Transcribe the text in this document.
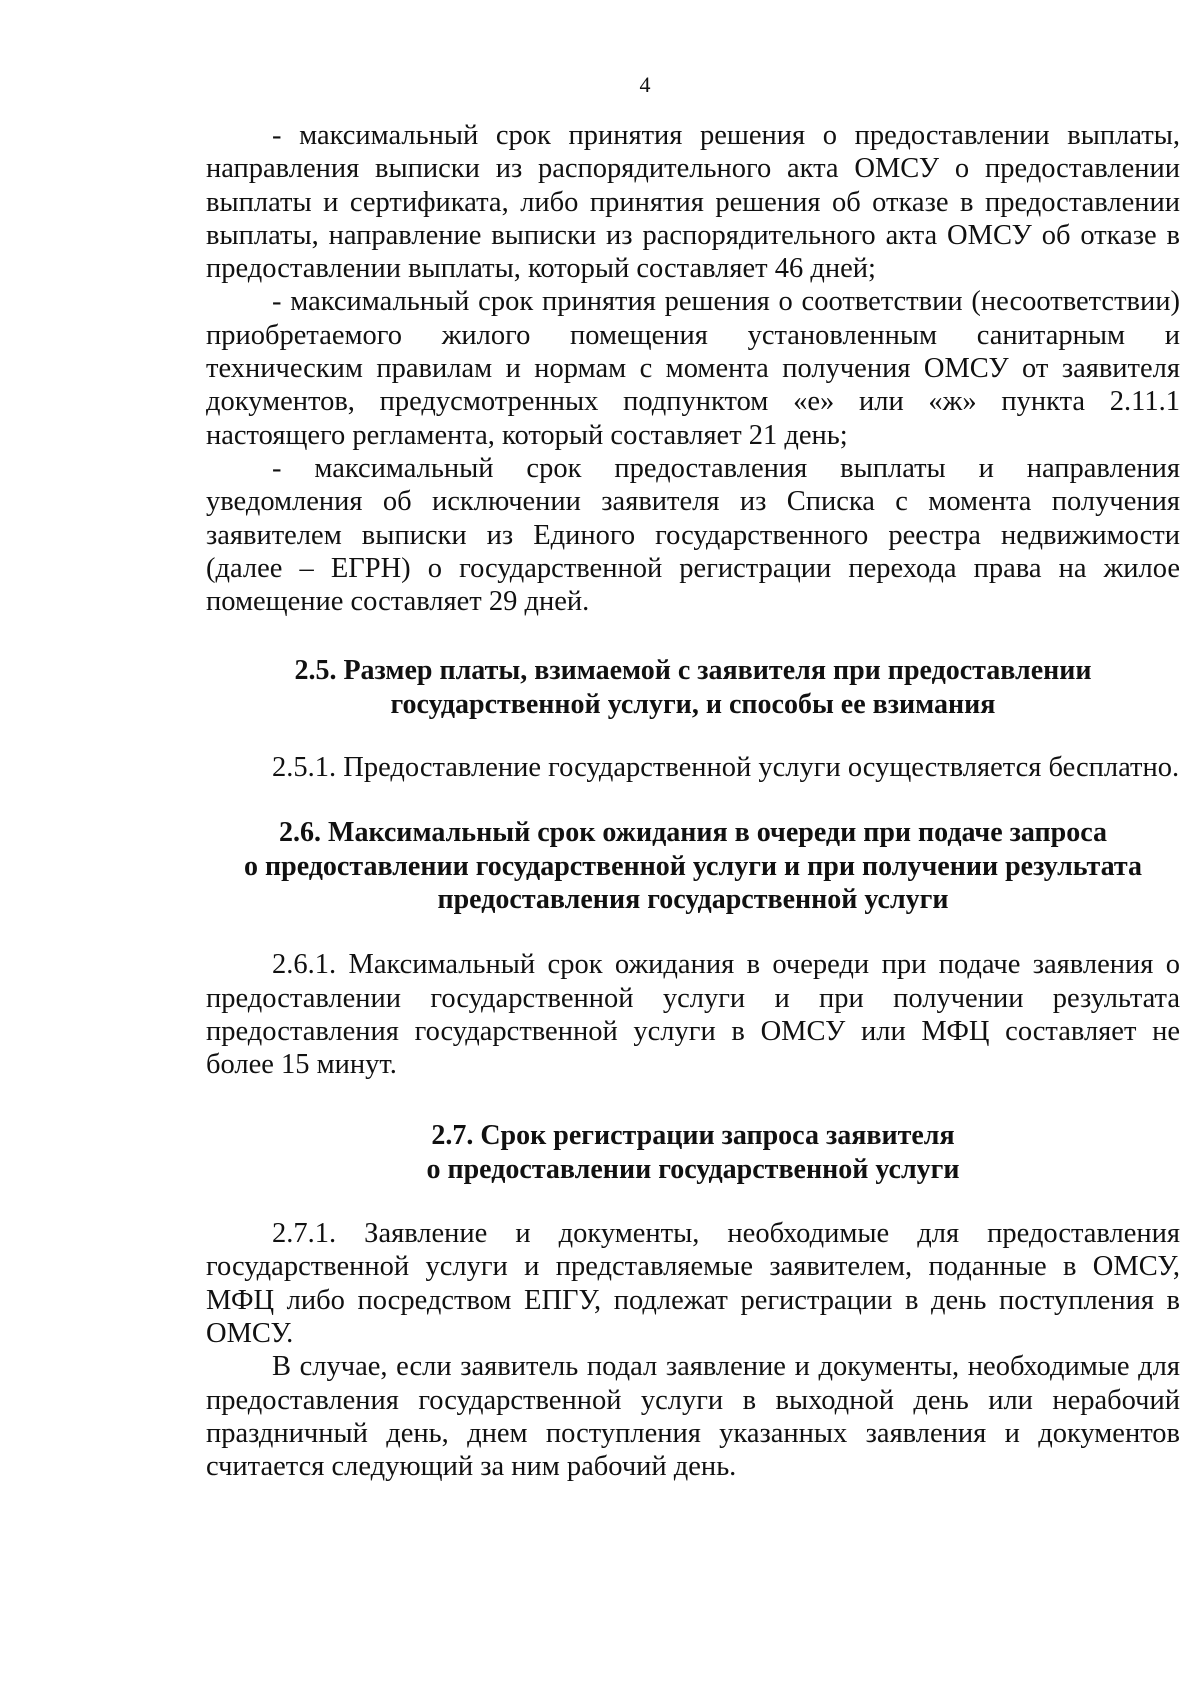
4

- максимальный срок принятия решения о предоставлении выплаты, направления выписки из распорядительного акта ОМСУ о предоставлении выплаты и сертификата, либо принятия решения об отказе в предоставлении выплаты, направление выписки из распорядительного акта ОМСУ об отказе в предоставлении выплаты, который составляет 46 дней;

- максимальный срок принятия решения о соответствии (несоответствии) приобретаемого жилого помещения установленным санитарным и техническим правилам и нормам с момента получения ОМСУ от заявителя документов, предусмотренных подпунктом «е» или «ж» пункта 2.11.1 настоящего регламента, который составляет 21 день;

- максимальный срок предоставления выплаты и направления уведомления об исключении заявителя из Списка с момента получения заявителем выписки из Единого государственного реестра недвижимости (далее – ЕГРН) о государственной регистрации перехода права на жилое помещение составляет 29 дней.

2.5. Размер платы, взимаемой с заявителя при предоставлении
государственной услуги, и способы ее взимания

2.5.1. Предоставление государственной услуги осуществляется бесплатно.

2.6. Максимальный срок ожидания в очереди при подаче запроса
о предоставлении государственной услуги и при получении результата
предоставления государственной услуги

2.6.1. Максимальный срок ожидания в очереди при подаче заявления о предоставлении государственной услуги и при получении результата предоставления государственной услуги в ОМСУ или МФЦ составляет не более 15 минут.

2.7. Срок регистрации запроса заявителя
о предоставлении государственной услуги

2.7.1. Заявление и документы, необходимые для предоставления государственной услуги и представляемые заявителем, поданные в ОМСУ, МФЦ либо посредством ЕПГУ, подлежат регистрации в день поступления в ОМСУ.

В случае, если заявитель подал заявление и документы, необходимые для предоставления государственной услуги в выходной день или нерабочий праздничный день, днем поступления указанных заявления и документов считается следующий за ним рабочий день.
